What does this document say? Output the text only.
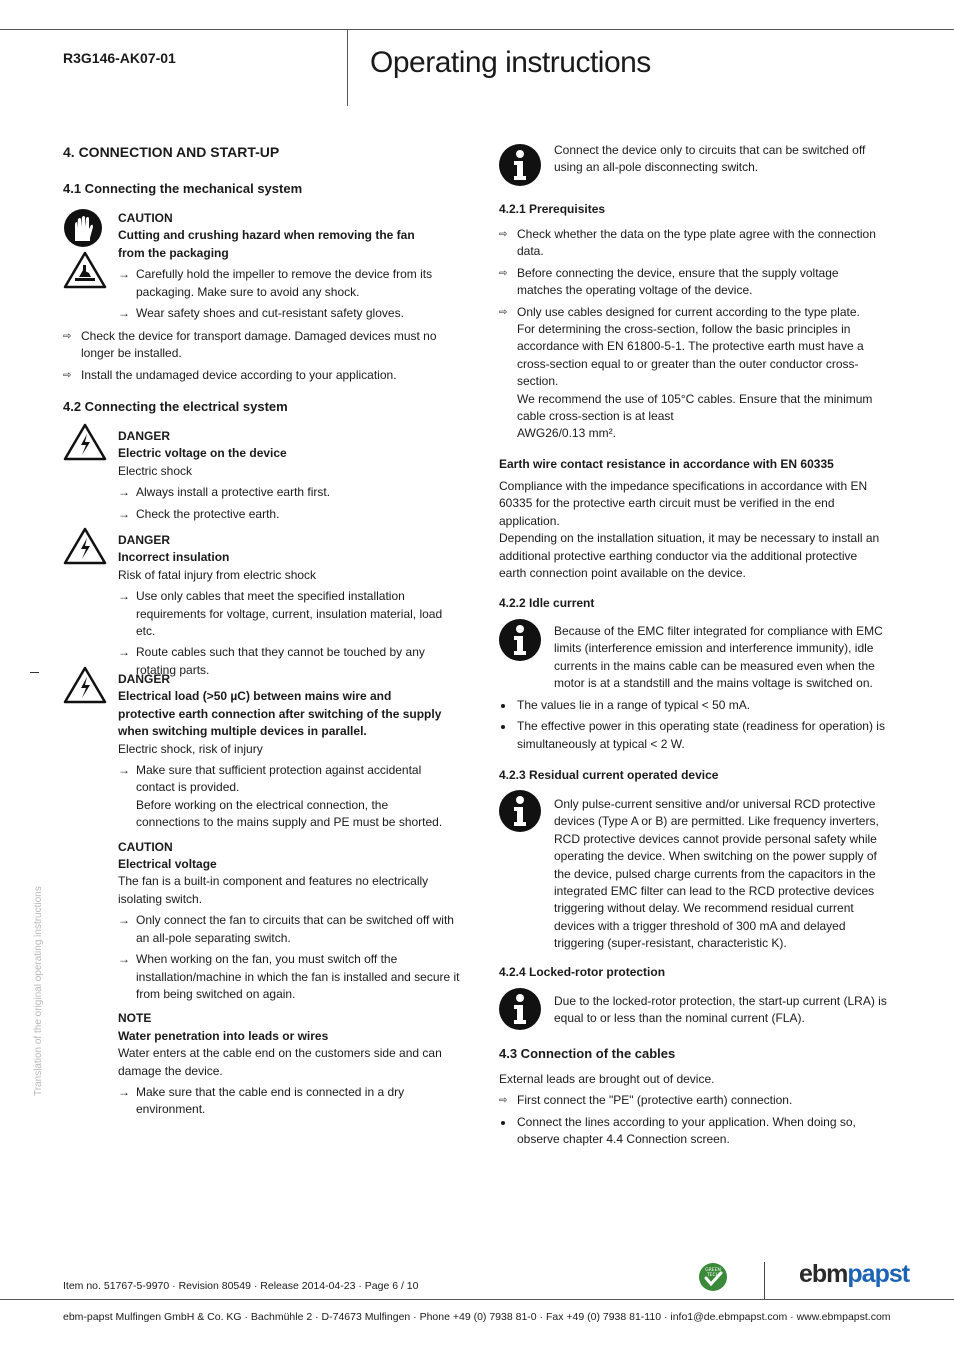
R3G146-AK07-01	Operating instructions
4. CONNECTION AND START-UP
4.1 Connecting the mechanical system
CAUTION
Cutting and crushing hazard when removing the fan from the packaging
→ Carefully hold the impeller to remove the device from its packaging. Make sure to avoid any shock.
→ Wear safety shoes and cut-resistant safety gloves.
⇨ Check the device for transport damage. Damaged devices must no longer be installed.
⇨ Install the undamaged device according to your application.
4.2 Connecting the electrical system
DANGER
Electric voltage on the device
Electric shock
→ Always install a protective earth first.
→ Check the protective earth.
DANGER
Incorrect insulation
Risk of fatal injury from electric shock
→ Use only cables that meet the specified installation requirements for voltage, current, insulation material, load etc.
→ Route cables such that they cannot be touched by any rotating parts.
DANGER
Electrical load (>50 µC) between mains wire and protective earth connection after switching of the supply when switching multiple devices in parallel.
Electric shock, risk of injury
→ Make sure that sufficient protection against accidental contact is provided.
Before working on the electrical connection, the connections to the mains supply and PE must be shorted.
CAUTION
Electrical voltage
The fan is a built-in component and features no electrically isolating switch.
→ Only connect the fan to circuits that can be switched off with an all-pole separating switch.
→ When working on the fan, you must switch off the installation/machine in which the fan is installed and secure it from being switched on again.
NOTE
Water penetration into leads or wires
Water enters at the cable end on the customers side and can damage the device.
→ Make sure that the cable end is connected in a dry environment.
Translation of the original operating instructions
Connect the device only to circuits that can be switched off using an all-pole disconnecting switch.
4.2.1 Prerequisites
⇨ Check whether the data on the type plate agree with the connection data.
⇨ Before connecting the device, ensure that the supply voltage matches the operating voltage of the device.
⇨ Only use cables designed for current according to the type plate.
For determining the cross-section, follow the basic principles in accordance with EN 61800-5-1. The protective earth must have a cross-section equal to or greater than the outer conductor cross-section.
We recommend the use of 105°C cables. Ensure that the minimum cable cross-section is at least
AWG26/0.13 mm².
Earth wire contact resistance in accordance with EN 60335
Compliance with the impedance specifications in accordance with EN 60335 for the protective earth circuit must be verified in the end application.
Depending on the installation situation, it may be necessary to install an additional protective earthing conductor via the additional protective earth connection point available on the device.
4.2.2 Idle current
Because of the EMC filter integrated for compliance with EMC limits (interference emission and interference immunity), idle currents in the mains cable can be measured even when the motor is at a standstill and the mains voltage is switched on.
The values lie in a range of typical < 50 mA.
The effective power in this operating state (readiness for operation) is simultaneously at typical < 2 W.
4.2.3 Residual current operated device
Only pulse-current sensitive and/or universal RCD protective devices (Type A or B) are permitted. Like frequency inverters, RCD protective devices cannot provide personal safety while operating the device. When switching on the power supply of the device, pulsed charge currents from the capacitors in the integrated EMC filter can lead to the RCD protective devices triggering without delay. We recommend residual current devices with a trigger threshold of 300 mA and delayed triggering (super-resistant, characteristic K).
4.2.4 Locked-rotor protection
Due to the locked-rotor protection, the start-up current (LRA) is equal to or less than the nominal current (FLA).
4.3 Connection of the cables
External leads are brought out of device.
⇨ First connect the "PE" (protective earth) connection.
Connect the lines according to your application. When doing so, observe chapter 4.4 Connection screen.
Item no. 51767-5-9970 · Revision 80549 · Release 2014-04-23 · Page 6 / 10
GREEN
TECH	ebmpapst
ebm-papst Mulfingen GmbH & Co. KG · Bachmühle 2 · D-74673 Mulfingen · Phone +49 (0) 7938 81-0 · Fax +49 (0) 7938 81-110 · info1@de.ebmpapst.com · www.ebmpapst.com
